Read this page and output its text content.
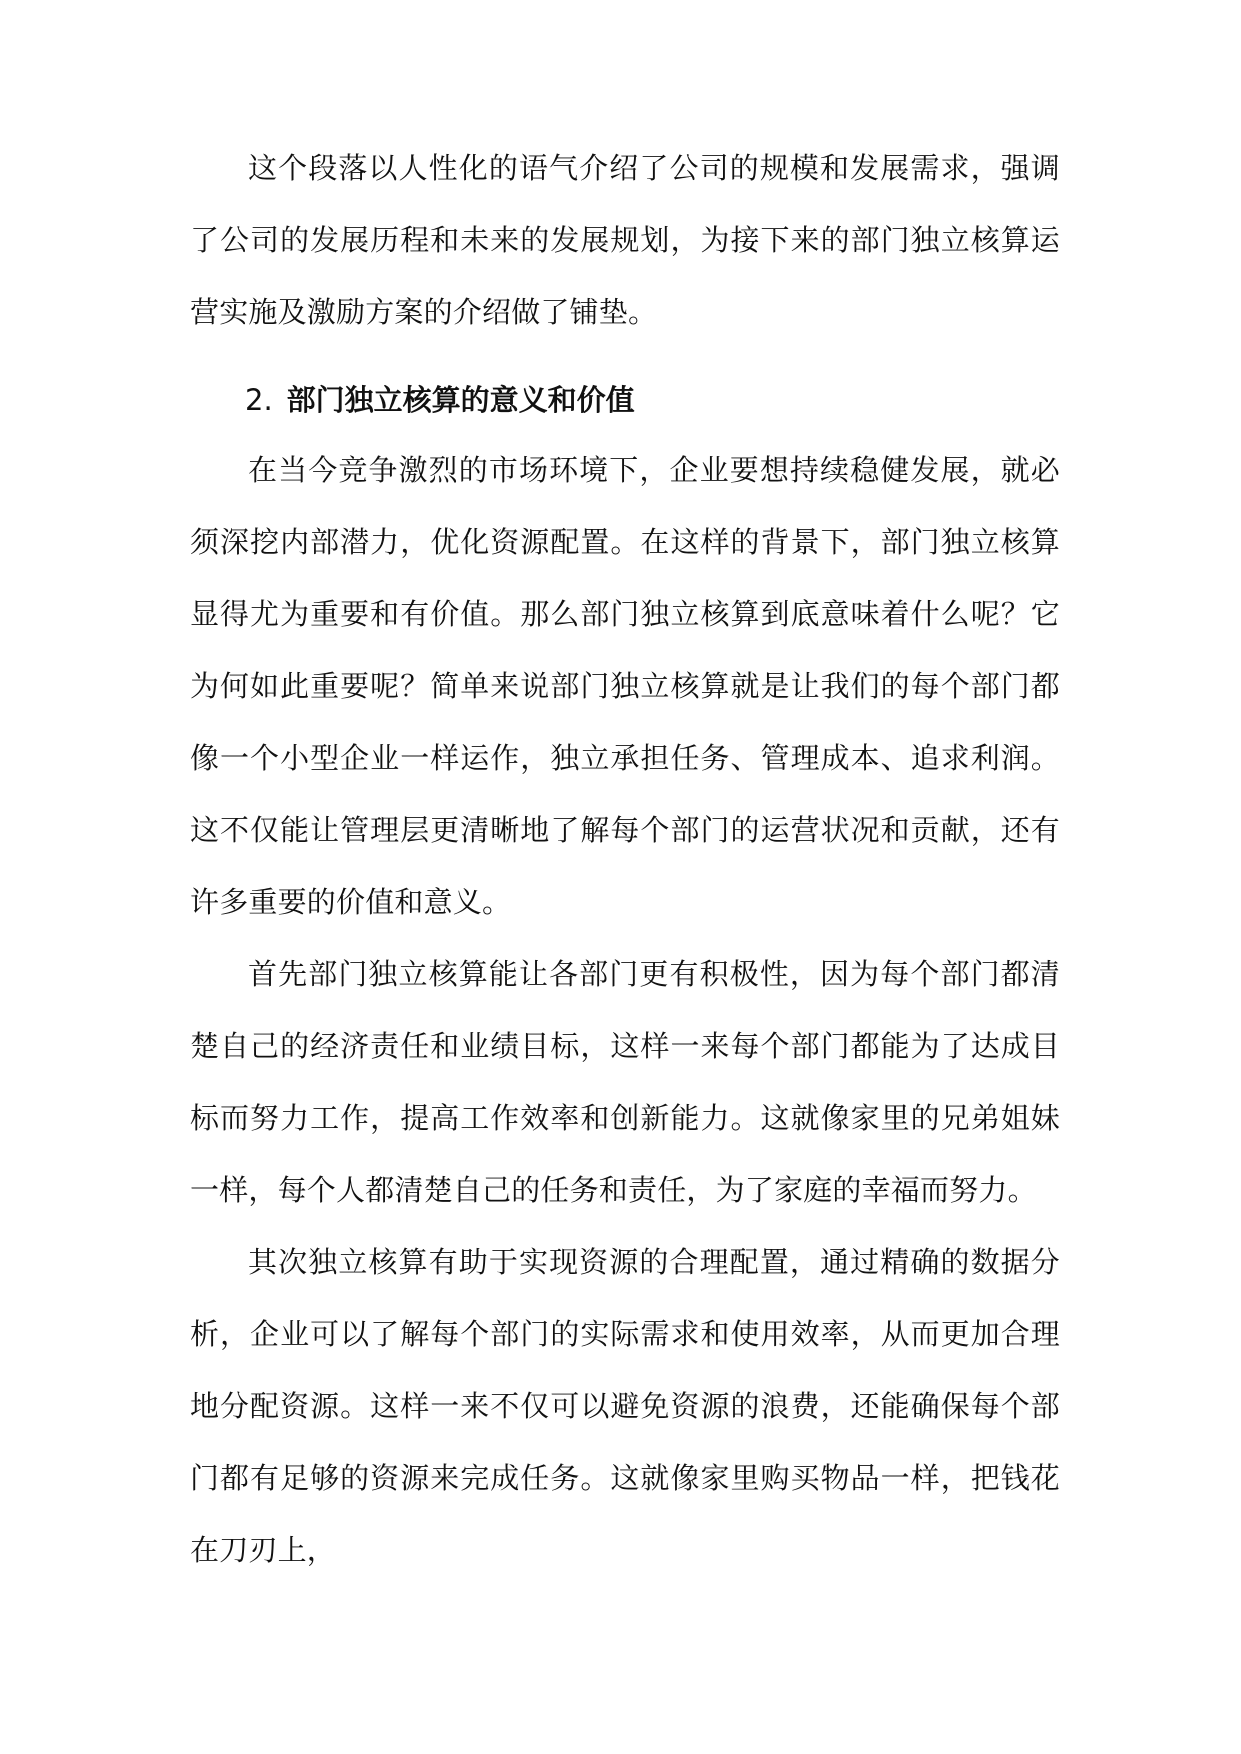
这个段落以人性化的语气介绍了公司的规模和发展需求，强调了公司的发展历程和未来的发展规划，为接下来的部门独立核算运营实施及激励方案的介绍做了铺垫。

2. 部门独立核算的意义和价值

在当今竞争激烈的市场环境下，企业要想持续稳健发展，就必须深挖内部潜力，优化资源配置。在这样的背景下，部门独立核算显得尤为重要和有价值。那么部门独立核算到底意味着什么呢？它为何如此重要呢？简单来说部门独立核算就是让我们的每个部门都像一个小型企业一样运作，独立承担任务、管理成本、追求利润。这不仅能让管理层更清晰地了解每个部门的运营状况和贡献，还有许多重要的价值和意义。

首先部门独立核算能让各部门更有积极性，因为每个部门都清楚自己的经济责任和业绩目标，这样一来每个部门都能为了达成目标而努力工作，提高工作效率和创新能力。这就像家里的兄弟姐妹一样，每个人都清楚自己的任务和责任，为了家庭的幸福而努力。

其次独立核算有助于实现资源的合理配置，通过精确的数据分析，企业可以了解每个部门的实际需求和使用效率，从而更加合理地分配资源。这样一来不仅可以避免资源的浪费，还能确保每个部门都有足够的资源来完成任务。这就像家里购买物品一样，把钱花在刀刃上，
